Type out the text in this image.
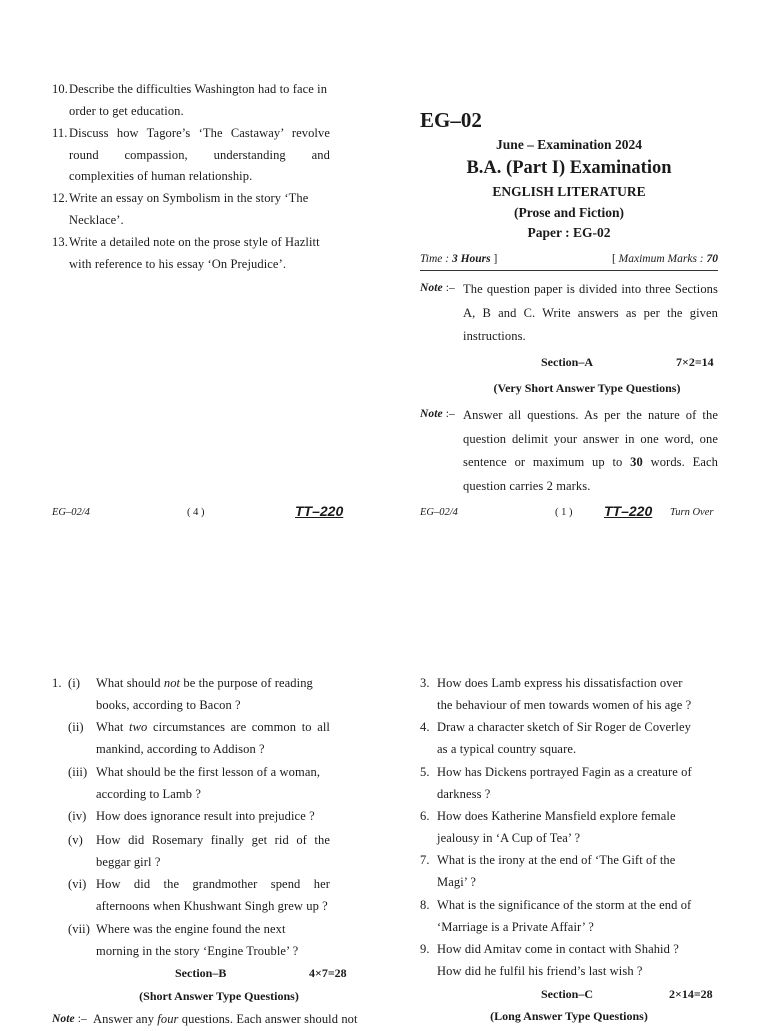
10. Describe the difficulties Washington had to face in order to get education.
11. Discuss how Tagore’s ‘The Castaway’ revolve round compassion, understanding and complexities of human relationship.
12. Write an essay on Symbolism in the story ‘The Necklace’.
13. Write a detailed note on the prose style of Hazlitt with reference to his essay ‘On Prejudice’.
EG–02/4	( 4 )	TT–220
EG–02
June – Examination 2024
B.A. (Part I) Examination
ENGLISH LITERATURE
(Prose and Fiction)
Paper : EG-02
Time : 3 Hours ]	[ Maximum Marks : 70
Note :– The question paper is divided into three Sections A, B and C. Write answers as per the given instructions.
Section–A	7×2=14
(Very Short Answer Type Questions)
Note :– Answer all questions. As per the nature of the question delimit your answer in one word, one sentence or maximum up to 30 words. Each question carries 2 marks.
EG–02/4	( 1 ) TT–220 Turn Over
1. (i)	What should not be the purpose of reading books, according to Bacon ?
(ii) What two circumstances are common to all mankind, according to Addison ?
(iii) What should be the first lesson of a woman, according to Lamb ?
(iv) How does ignorance result into prejudice ?
(v)	How did Rosemary finally get rid of the beggar girl ?
(vi) How did the grandmother spend her afternoons when Khushwant Singh grew up ?
(vii) Where was the engine found the next morning in the story ‘Engine Trouble’ ?
Section–B	4×7=28
(Short Answer Type Questions)
Note :– Answer any four questions. Each answer should not
3. How does Lamb express his dissatisfaction over the behaviour of men towards women of his age ?
4. Draw a character sketch of Sir Roger de Coverley as a typical country square.
5. How has Dickens portrayed Fagin as a creature of darkness ?
6. How does Katherine Mansfield explore female jealousy in ‘A Cup of Tea’ ?
7. What is the irony at the end of ‘The Gift of the Magi’ ?
8. What is the significance of the storm at the end of ‘Marriage is a Private Affair’ ?
9. How did Amitav come in contact with Shahid ? How did he fulfil his friend’s last wish ?
Section–C	2×14=28
(Long Answer Type Questions)
